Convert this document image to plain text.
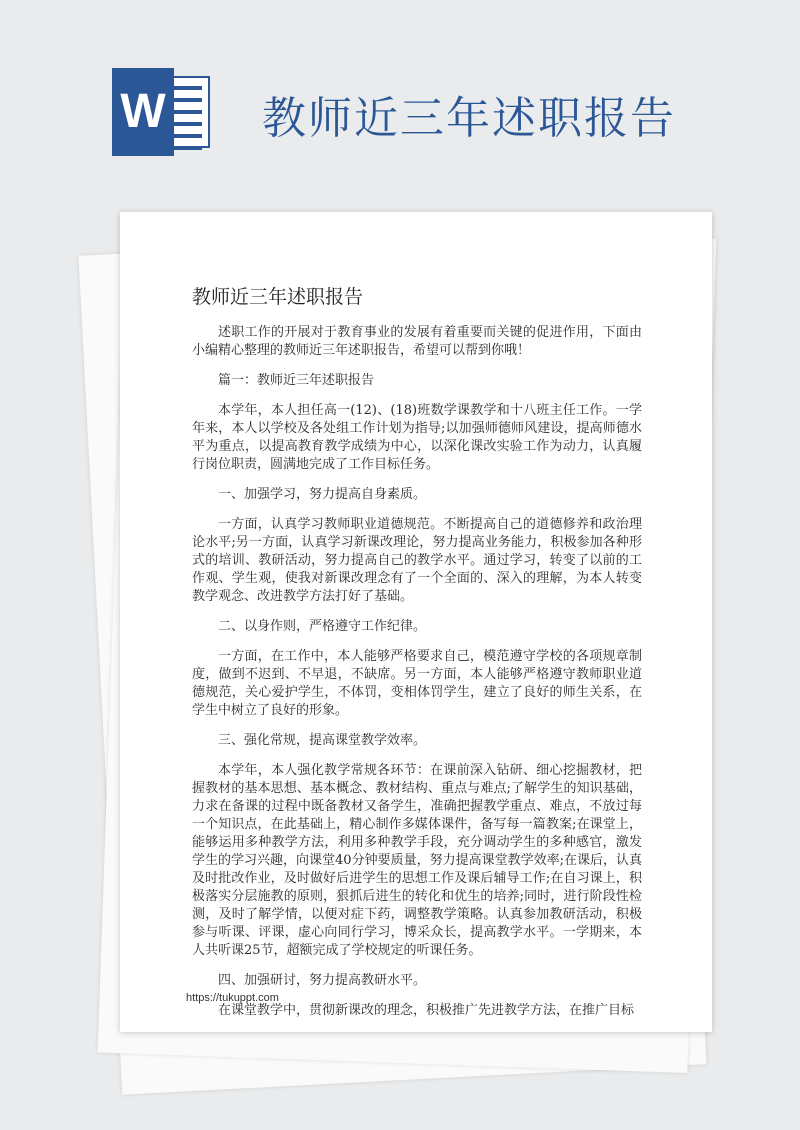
W 教师近三年述职报告
教师近三年述职报告

述职工作的开展对于教育事业的发展有着重要而关键的促进作用，下面由小编精心整理的教师近三年述职报告，希望可以帮到你哦！

篇一：教师近三年述职报告

本学年，本人担任高一(12)、(18)班数学课教学和十八班主任工作。一学年来，本人以学校及各处组工作计划为指导;以加强师德师风建设，提高师德水平为重点，以提高教育教学成绩为中心，以深化课改实验工作为动力，认真履行岗位职责，圆满地完成了工作目标任务。

一、加强学习，努力提高自身素质。

一方面，认真学习教师职业道德规范。不断提高自己的道德修养和政治理论水平;另一方面，认真学习新课改理论，努力提高业务能力，积极参加各种形式的培训、教研活动，努力提高自己的教学水平。通过学习，转变了以前的工作观、学生观，使我对新课改理念有了一个全面的、深入的理解，为本人转变教学观念、改进教学方法打好了基础。

二、以身作则，严格遵守工作纪律。

一方面，在工作中，本人能够严格要求自己，模范遵守学校的各项规章制度，做到不迟到、不早退，不缺席。另一方面，本人能够严格遵守教师职业道德规范，关心爱护学生，不体罚，变相体罚学生，建立了良好的师生关系，在学生中树立了良好的形象。

三、强化常规，提高课堂教学效率。

本学年，本人强化教学常规各环节：在课前深入钻研、细心挖掘教材，把握教材的基本思想、基本概念、教材结构、重点与难点;了解学生的知识基础，力求在备课的过程中既备教材又备学生，准确把握教学重点、难点，不放过每一个知识点，在此基础上，精心制作多媒体课件，备写每一篇教案;在课堂上，能够运用多种教学方法，利用多种教学手段，充分调动学生的多种感官，激发学生的学习兴趣，向课堂40分钟要质量，努力提高课堂教学效率;在课后，认真及时批改作业，及时做好后进学生的思想工作及课后辅导工作;在自习课上，积极落实分层施教的原则，狠抓后进生的转化和优生的培养;同时，进行阶段性检测，及时了解学情，以便对症下药，调整教学策略。认真参加教研活动，积极参与听课、评课，虚心向同行学习，博采众长，提高教学水平。一学期来，本人共听课25节，超额完成了学校规定的听课任务。

四、加强研讨，努力提高教研水平。

在课堂教学中，贯彻新课改的理念，积极推广先进教学方法，在推广目标

https://tukuppt.com
